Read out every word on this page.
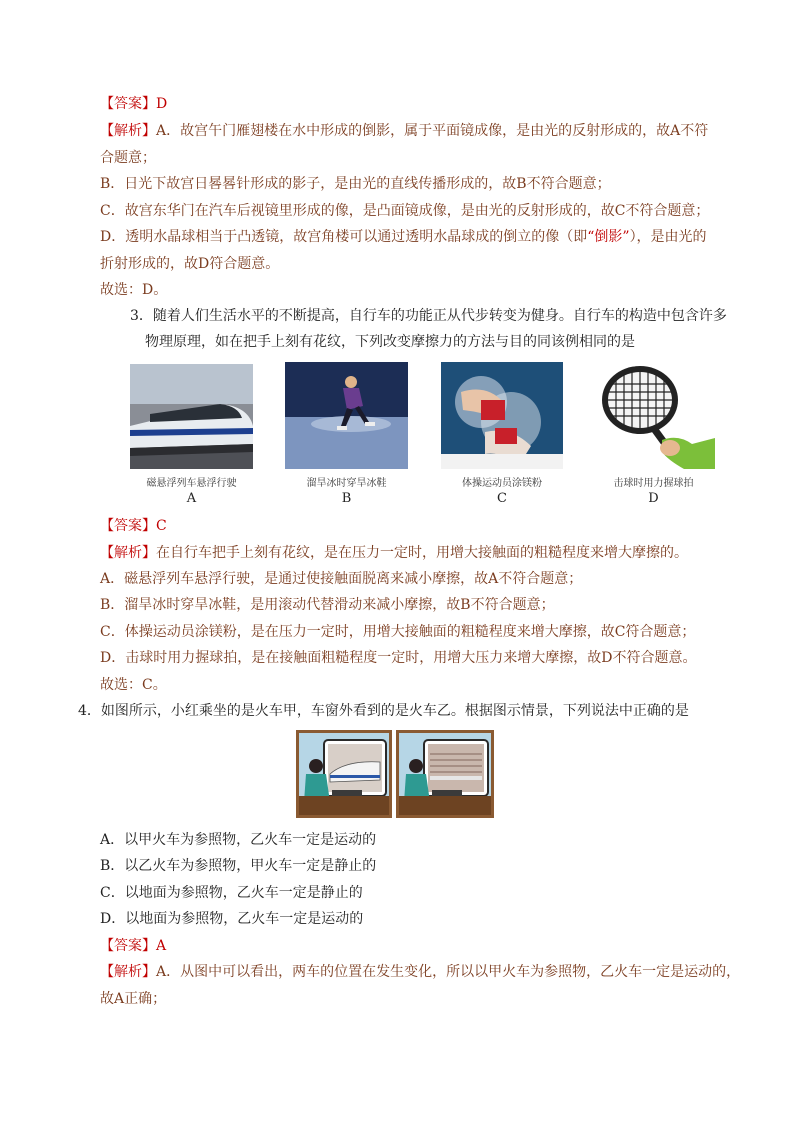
【答案】D
【解析】A．故宫午门雁翅楼在水中形成的倒影，属于平面镜成像，是由光的反射形成的，故A不符
合题意；
B．日光下故宫日晷晷针形成的影子，是由光的直线传播形成的，故B不符合题意；
C．故宫东华门在汽车后视镜里形成的像，是凸面镜成像，是由光的反射形成的，故C不符合题意；
D．透明水晶球相当于凸透镜，故宫角楼可以通过透明水晶球成的倒立的像（即“倒影”），是由光的
折射形成的，故D符合题意。
故选：D。
3．随着人们生活水平的不断提高，自行车的功能正从代步转变为健身。自行车的构造中包含许多
物理原理，如在把手上刻有花纹，下列改变摩擦力的方法与目的同该例相同的是
磁悬浮列车悬浮行驶	溜旱冰时穿旱冰鞋	体操运动员涂镁粉	击球时用力握球拍
A	B	C	D
【答案】C
【解析】在自行车把手上刻有花纹，是在压力一定时，用增大接触面的粗糙程度来增大摩擦的。
A．磁悬浮列车悬浮行驶，是通过使接触面脱离来减小摩擦，故A不符合题意；
B．溜旱冰时穿旱冰鞋，是用滚动代替滑动来减小摩擦，故B不符合题意；
C．体操运动员涂镁粉，是在压力一定时，用增大接触面的粗糙程度来增大摩擦，故C符合题意；
D．击球时用力握球拍，是在接触面粗糙程度一定时，用增大压力来增大摩擦，故D不符合题意。
故选：C。
4．如图所示，小红乘坐的是火车甲，车窗外看到的是火车乙。根据图示情景，下列说法中正确的是
A．以甲火车为参照物，乙火车一定是运动的
B．以乙火车为参照物，甲火车一定是静止的
C．以地面为参照物，乙火车一定是静止的
D．以地面为参照物，乙火车一定是运动的
【答案】A
【解析】A．从图中可以看出，两车的位置在发生变化，所以以甲火车为参照物，乙火车一定是运动的，
故A正确；
